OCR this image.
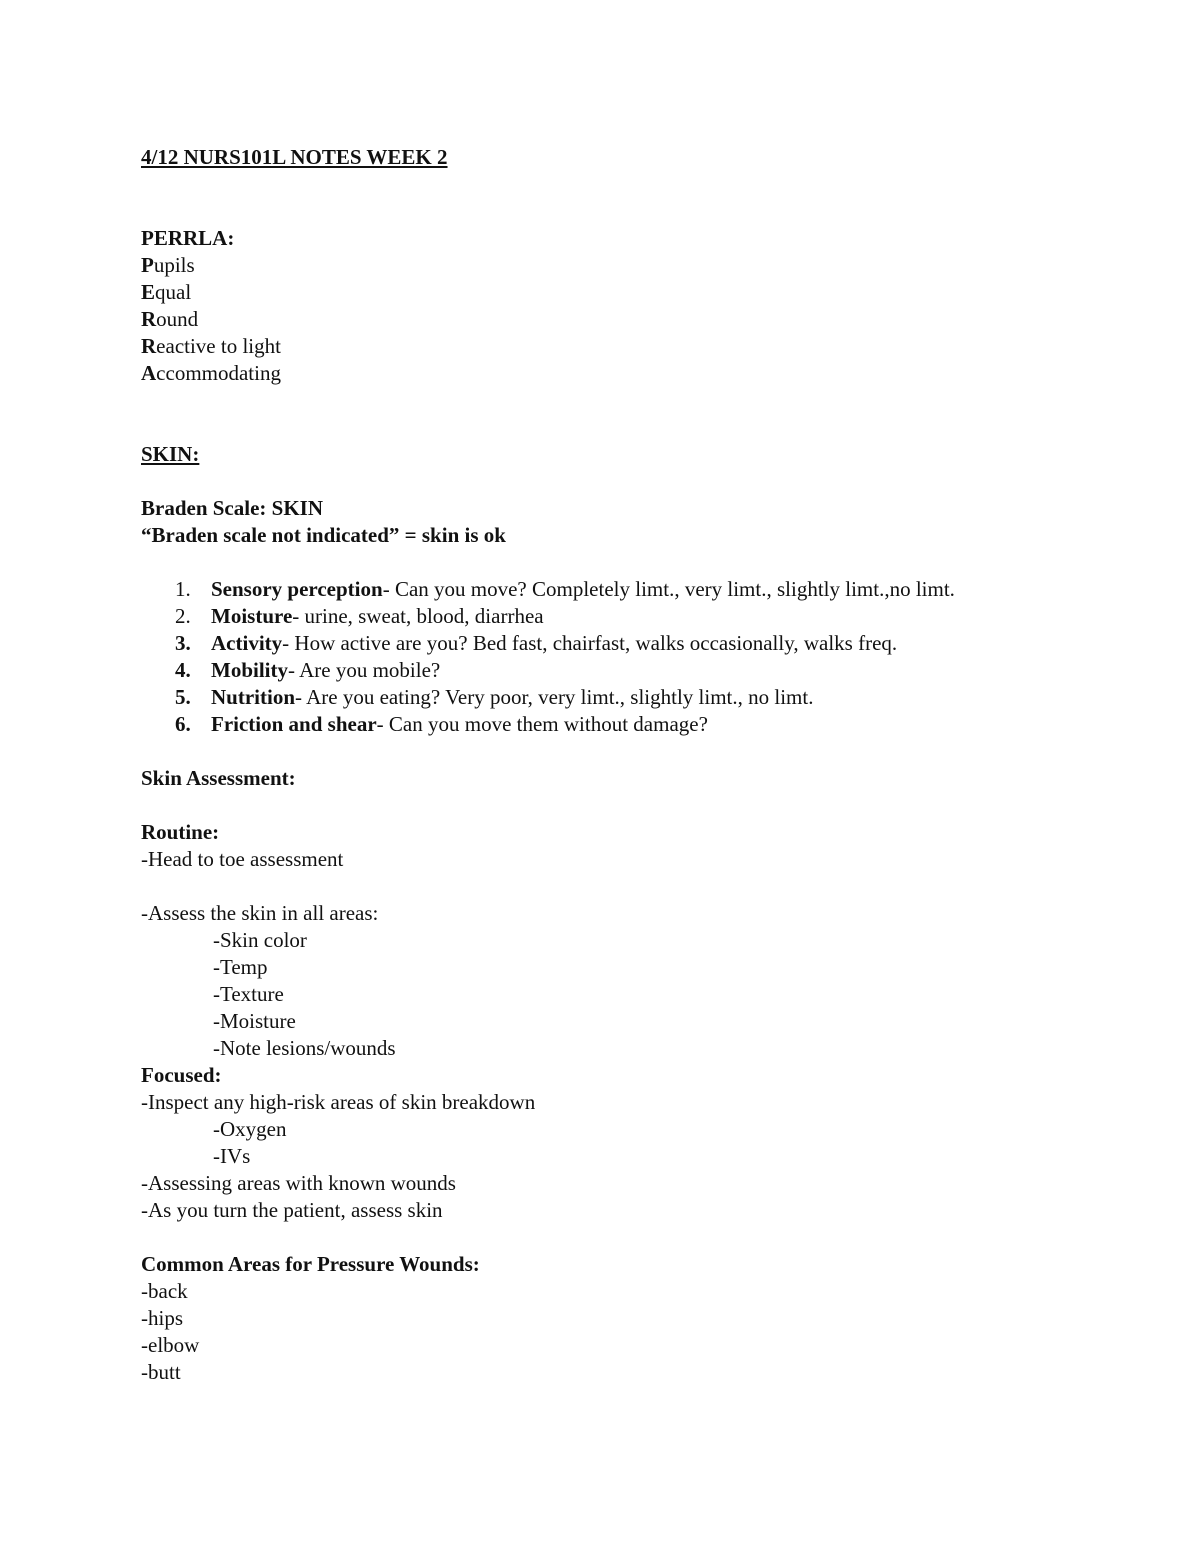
4/12 NURS101L NOTES WEEK 2

PERRLA:

Pupils

Equal

Round

Reactive to light

Accommodating

SKIN:

Braden Scale: SKIN

“Braden scale not indicated” = skin is ok

1. Sensory perception- Can you move? Completely limt., very limt., slightly limt.,no limt.
2. Moisture- urine, sweat, blood, diarrhea
3. Activity- How active are you? Bed fast, chairfast, walks occasionally, walks freq.
4. Mobility- Are you mobile?
5. Nutrition- Are you eating? Very poor, very limt., slightly limt., no limt.
6. Friction and shear- Can you move them without damage?

Skin Assessment:

Routine:

-Head to toe assessment

-Assess the skin in all areas:

-Skin color

-Temp

-Texture

-Moisture

-Note lesions/wounds

Focused:

-Inspect any high-risk areas of skin breakdown

-Oxygen

-IVs

-Assessing areas with known wounds

-As you turn the patient, assess skin

Common Areas for Pressure Wounds:

-back

-hips

-elbow

-butt
